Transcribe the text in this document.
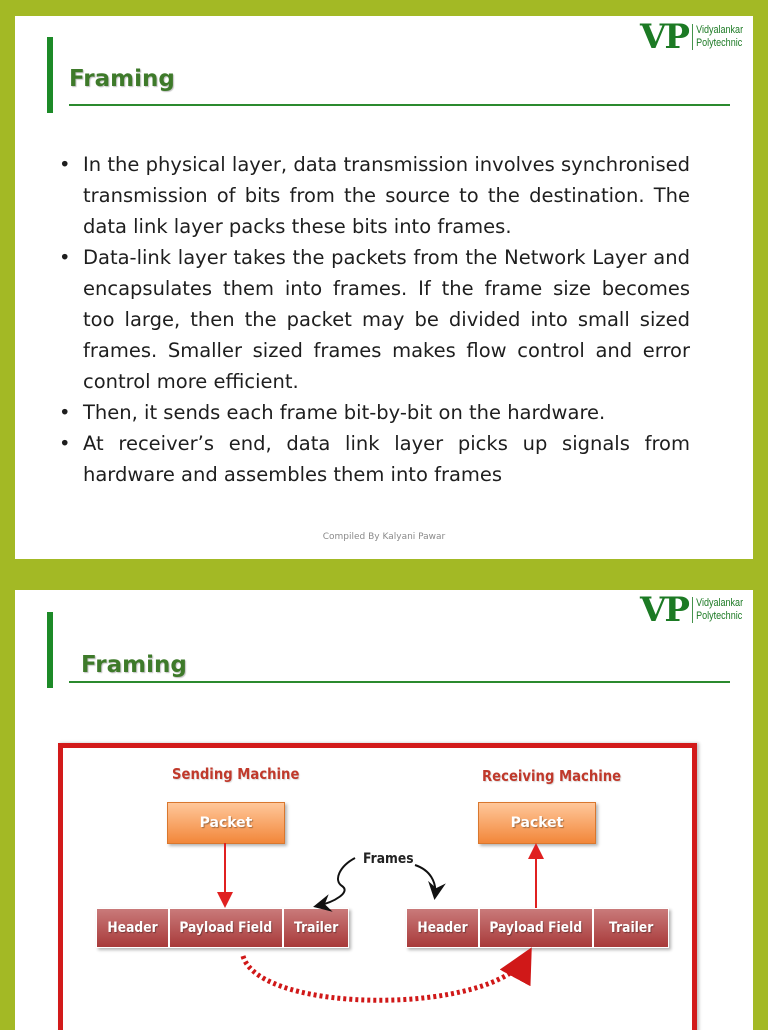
VP Vidyalankar
Polytechnic
Framing
• In the physical layer, data transmission involves synchronised transmission of bits from the source to the destination. The data link layer packs these bits into frames.
• Data-link layer takes the packets from the Network Layer and encapsulates them into frames. If the frame size becomes too large, then the packet may be divided into small sized frames. Smaller sized frames makes flow control and error control more efficient.
• Then, it sends each frame bit-by-bit on the hardware.
• At receiver’s end, data link layer picks up signals from hardware and assembles them into frames
Compiled By Kalyani Pawar
VP Vidyalankar
Polytechnic
Framing
Sending Machine	Receiving Machine
Packet	Packet
Frames
Header Payload Field Trailer	Header Payload Field Trailer
